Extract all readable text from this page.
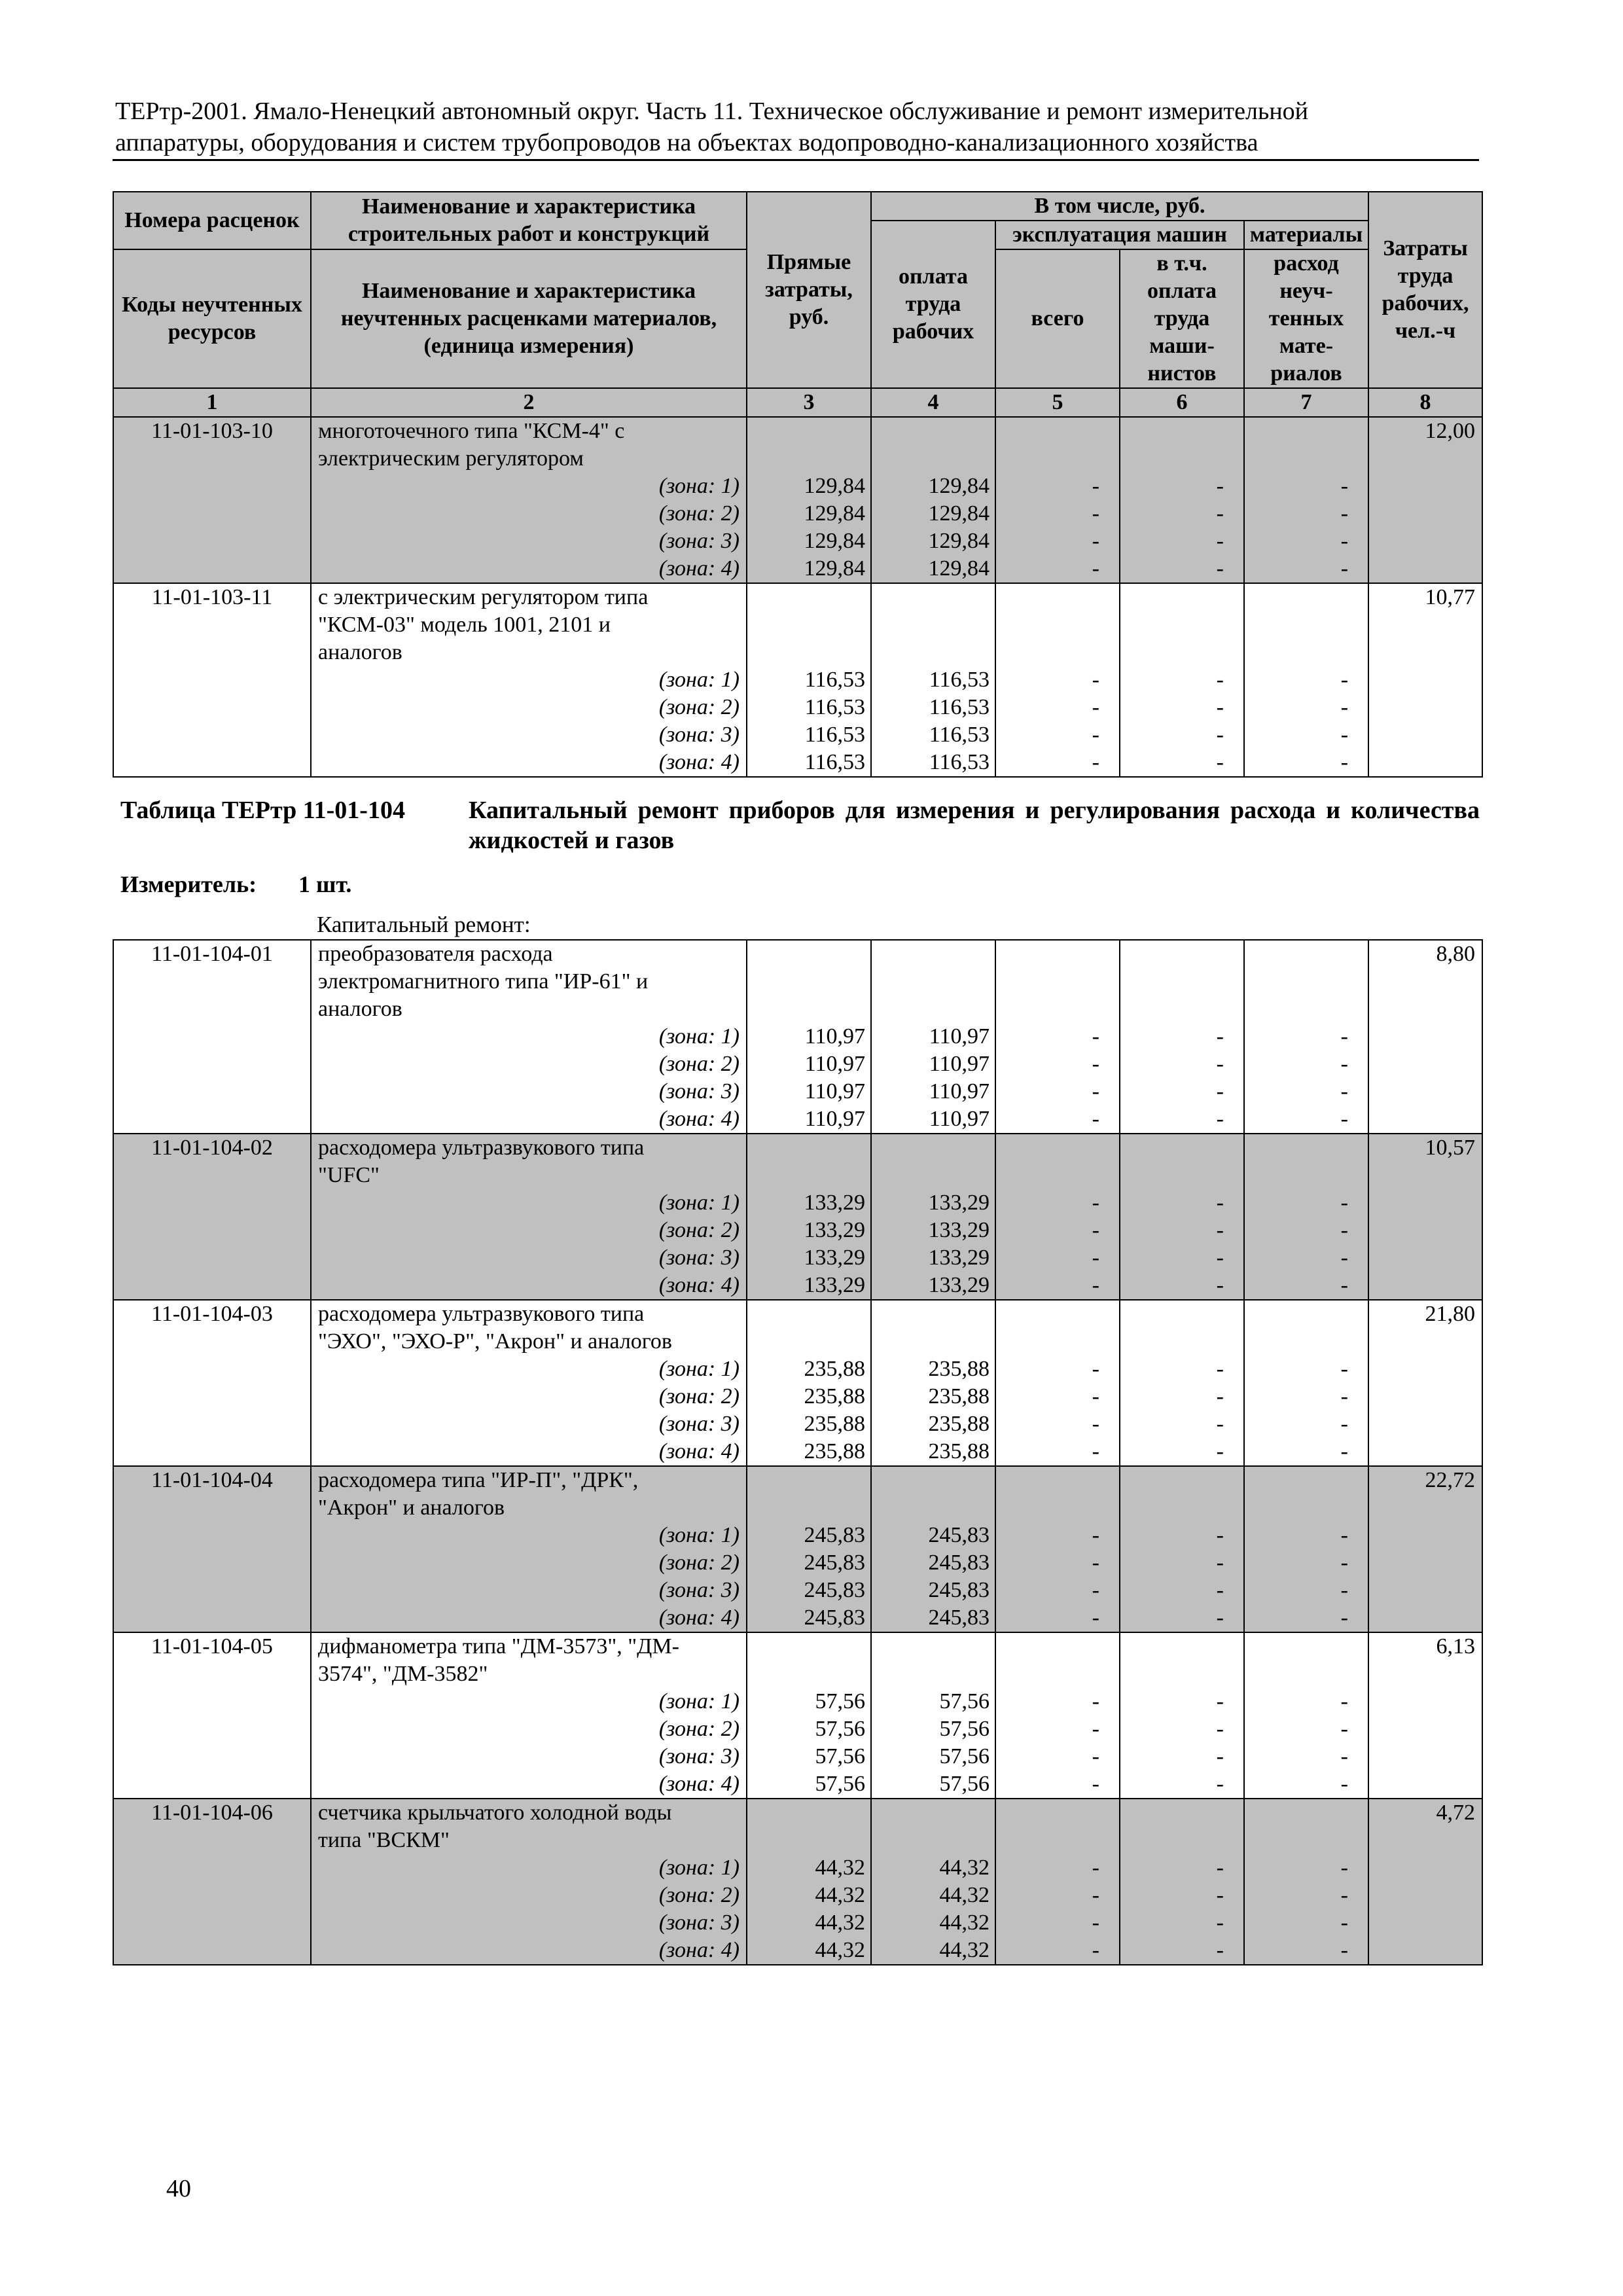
ТЕРтр-2001. Ямало-Ненецкий автономный округ. Часть 11. Техническое обслуживание и ремонт измерительной
аппаратуры, оборудования и систем трубопроводов на объектах водопроводно-канализационного хозяйства
Номера расценок	Наименование и характеристика строительных работ и конструкций	Прямые затраты, руб.	В том числе, руб.				Затраты труда рабочих, чел.-ч
			оплата труда рабочих	эксплуатация машин		материалы	
Коды неучтенных ресурсов	Наименование и характеристика неучтенных расценками материалов, (единица измерения)			всего	в т.ч. оплата труда маши-нистов	расход неуч-тенных мате-риалов	
1	2	3	4	5	6	7	8
11-01-103-10	многоточечного типа "КСМ-4" с						12,00
	электрическим регулятором						
	(зона: 1)	129,84	129,84	-	-	-	
	(зона: 2)	129,84	129,84	-	-	-	
	(зона: 3)	129,84	129,84	-	-	-	
	(зона: 4)	129,84	129,84	-	-	-	
11-01-103-11	с электрическим регулятором типа						10,77
	"КСМ-03" модель 1001, 2101 и						
	аналогов						
	(зона: 1)	116,53	116,53	-	-	-	
	(зона: 2)	116,53	116,53	-	-	-	
	(зона: 3)	116,53	116,53	-	-	-	
	(зона: 4)	116,53	116,53	-	-	-	
Таблица ТЕРтр 11-01-104	Капитальный ремонт приборов для измерения и регулирования расхода и количества жидкостей и газов
Измеритель: 1 шт.
Капитальный ремонт:
11-01-104-01	преобразователя расхода						8,80
	электромагнитного типа "ИР-61" и						
	аналогов						
	(зона: 1)	110,97	110,97	-	-	-	
	(зона: 2)	110,97	110,97	-	-	-	
	(зона: 3)	110,97	110,97	-	-	-	
	(зона: 4)	110,97	110,97	-	-	-	
11-01-104-02	расходомера ультразвукового типа						10,57
	"UFC"						
	(зона: 1)	133,29	133,29	-	-	-	
	(зона: 2)	133,29	133,29	-	-	-	
	(зона: 3)	133,29	133,29	-	-	-	
	(зона: 4)	133,29	133,29	-	-	-	
11-01-104-03	расходомера ультразвукового типа						21,80
	"ЭХО", "ЭХО-Р", "Акрон" и аналогов						
	(зона: 1)	235,88	235,88	-	-	-	
	(зона: 2)	235,88	235,88	-	-	-	
	(зона: 3)	235,88	235,88	-	-	-	
	(зона: 4)	235,88	235,88	-	-	-	
11-01-104-04	расходомера типа "ИР-П", "ДРК",						22,72
	"Акрон" и аналогов						
	(зона: 1)	245,83	245,83	-	-	-	
	(зона: 2)	245,83	245,83	-	-	-	
	(зона: 3)	245,83	245,83	-	-	-	
	(зона: 4)	245,83	245,83	-	-	-	
11-01-104-05	дифманометра типа "ДМ-3573", "ДМ-						6,13
	3574", "ДМ-3582"						
	(зона: 1)	57,56	57,56	-	-	-	
	(зона: 2)	57,56	57,56	-	-	-	
	(зона: 3)	57,56	57,56	-	-	-	
	(зона: 4)	57,56	57,56	-	-	-	
11-01-104-06	счетчика крыльчатого холодной воды						4,72
	типа "ВСКМ"						
	(зона: 1)	44,32	44,32	-	-	-	
	(зона: 2)	44,32	44,32	-	-	-	
	(зона: 3)	44,32	44,32	-	-	-	
	(зона: 4)	44,32	44,32	-	-	-	
40
